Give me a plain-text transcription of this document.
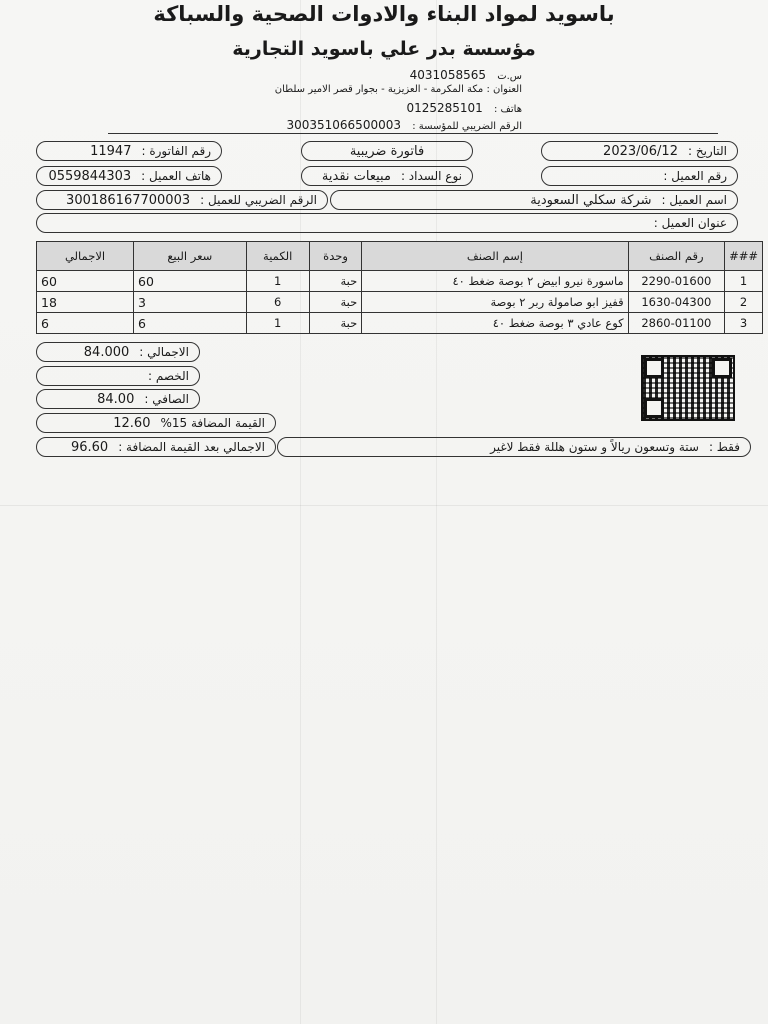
باسويد لمواد البناء والادوات الصحية والسباكة
مؤسسة بدر علي باسويد التجارية
س.ت 4031058565
العنوان : مكة المكرمة - العزيزية - بجوار قصر الامير سلطان
هاتف : 0125285101
الرقم الضريبي للمؤسسة : 300351066500003
التاريخ :
2023/06/12
فاتورة ضريبية
رقم الفاتورة :
11947
رقم العميل :
نوع السداد :
مبيعات نقدية
هاتف العميل :
0559844303
اسم العميل :
شركة سكلي السعودية
الرقم الضريبي للعميل :
300186167700003
عنوان العميل :
###	رقم الصنف	إسم الصنف	وحدة	الكمية	سعر البيع	الاجمالي
1	2290-01600	ماسورة نيرو ابيض ٢ بوصة ضغط ٤٠	حبة	1	60	60
2	1630-04300	قفيز ابو صامولة ربر ٢ بوصة	حبة	6	3	18
3	2860-01100	كوع عادي ٣ بوصة ضغط ٤٠	حبة	1	6	6
الاجمالي :
84.000
الخصم :
الصافي :
84.00
القيمة المضافة 15%
12.60
الاجمالي بعد القيمة المضافة :
96.60	فقط :
ستة وتسعون ريالاً و ستون هللة فقط لاغير
